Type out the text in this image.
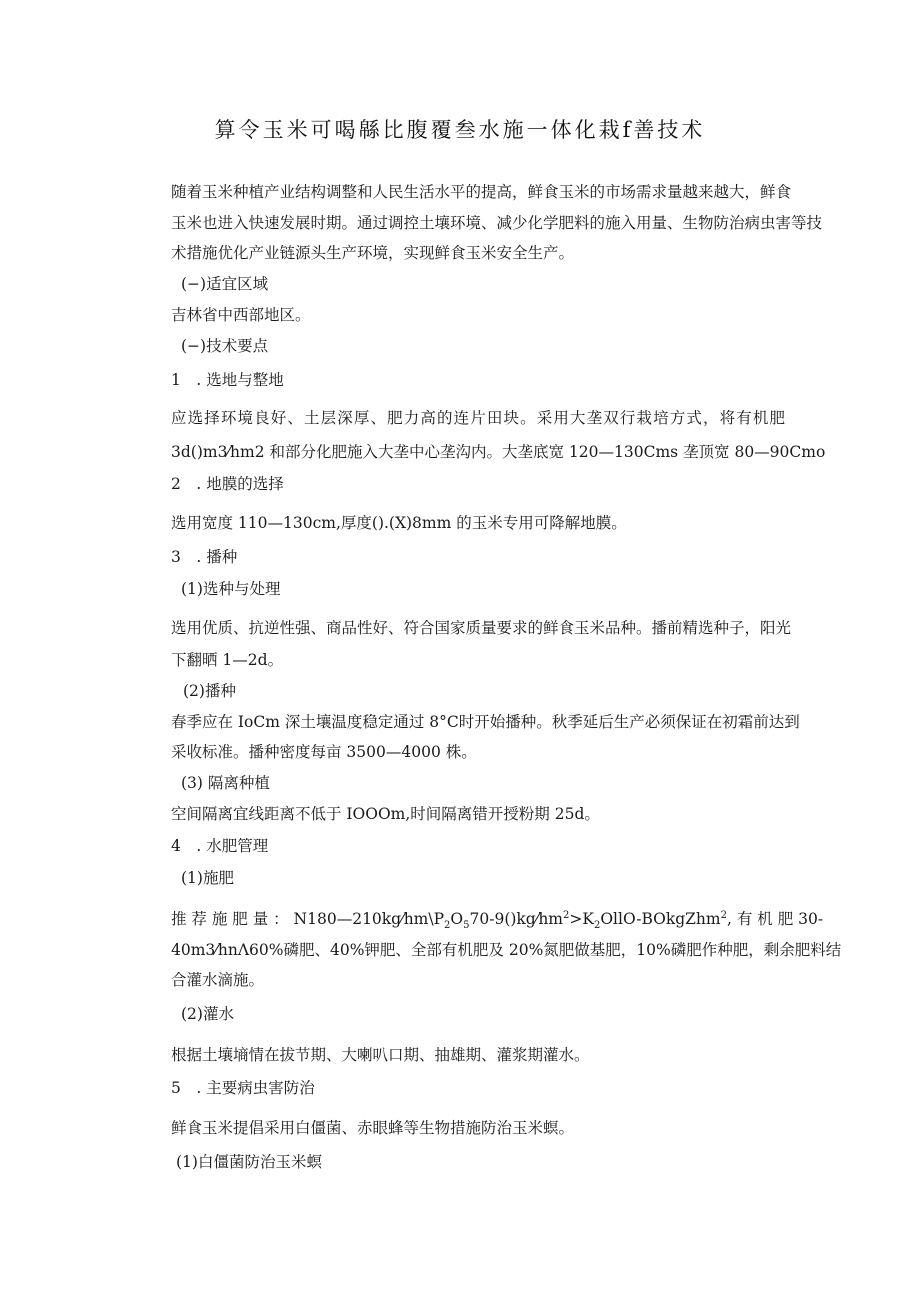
算令玉米可喝緜比腹覆叁水施一体化栽f善技术
随着玉米种植产业结构调整和人民生活水平的提高，鲜食玉米的市场需求量越来越大，鲜食
玉米也进入快速发展时期。通过调控土壤环境、减少化学肥料的施入用量、生物防治病虫害等技
术措施优化产业链源头生产环境，实现鲜食玉米安全生产。
(−)适宜区域
吉林省中西部地区。
(−)技术要点
1　. 选地与整地
应选择环境良好、土层深厚、肥力高的连片田块。采用大垄双行栽培方式，将有机肥
3d()m3⁄hm2 和部分化肥施入大垄中心垄沟内。大垄底宽 120—130Cms 垄顶宽 80—90Cmo
2　. 地膜的选择
选用宽度 110—130cm,厚度().(X)8mm 的玉米专用可降解地膜。
3　. 播种
(1)选种与处理
选用优质、抗逆性强、商品性好、符合国家质量要求的鲜食玉米品种。播前精选种子，阳光
下翻晒 1—2d。
(2)播种
春季应在 IoCm 深土壤温度稳定通过 8°C时开始播种。秋季延后生产必须保证在初霜前达到
采收标准。播种密度每亩 3500—4000 株。
(3) 隔离种植
空间隔离宜线距离不低于 IOOOm,时间隔离错开授粉期 25d。
4　. 水肥管理
(1)施肥
推 荐 施 肥 量 ： $N180—210kg⁄hm\backslash P_2O_570-9()kg⁄hm^2>K_2OllO-BOkgZhm^2$, 有 机 肥 30-
40m3⁄hnΛ60%磷肥、40%钾肥、全部有机肥及 20%氮肥做基肥，10%磷肥作种肥，剩余肥料结
合灌水滴施。
(2)灌水
根据土壤墒情在拔节期、大喇叭口期、抽雄期、灌浆期灌水。
5　. 主要病虫害防治
鲜食玉米提倡采用白僵菌、赤眼蜂等生物措施防治玉米螟。
(1)白僵菌防治玉米螟
